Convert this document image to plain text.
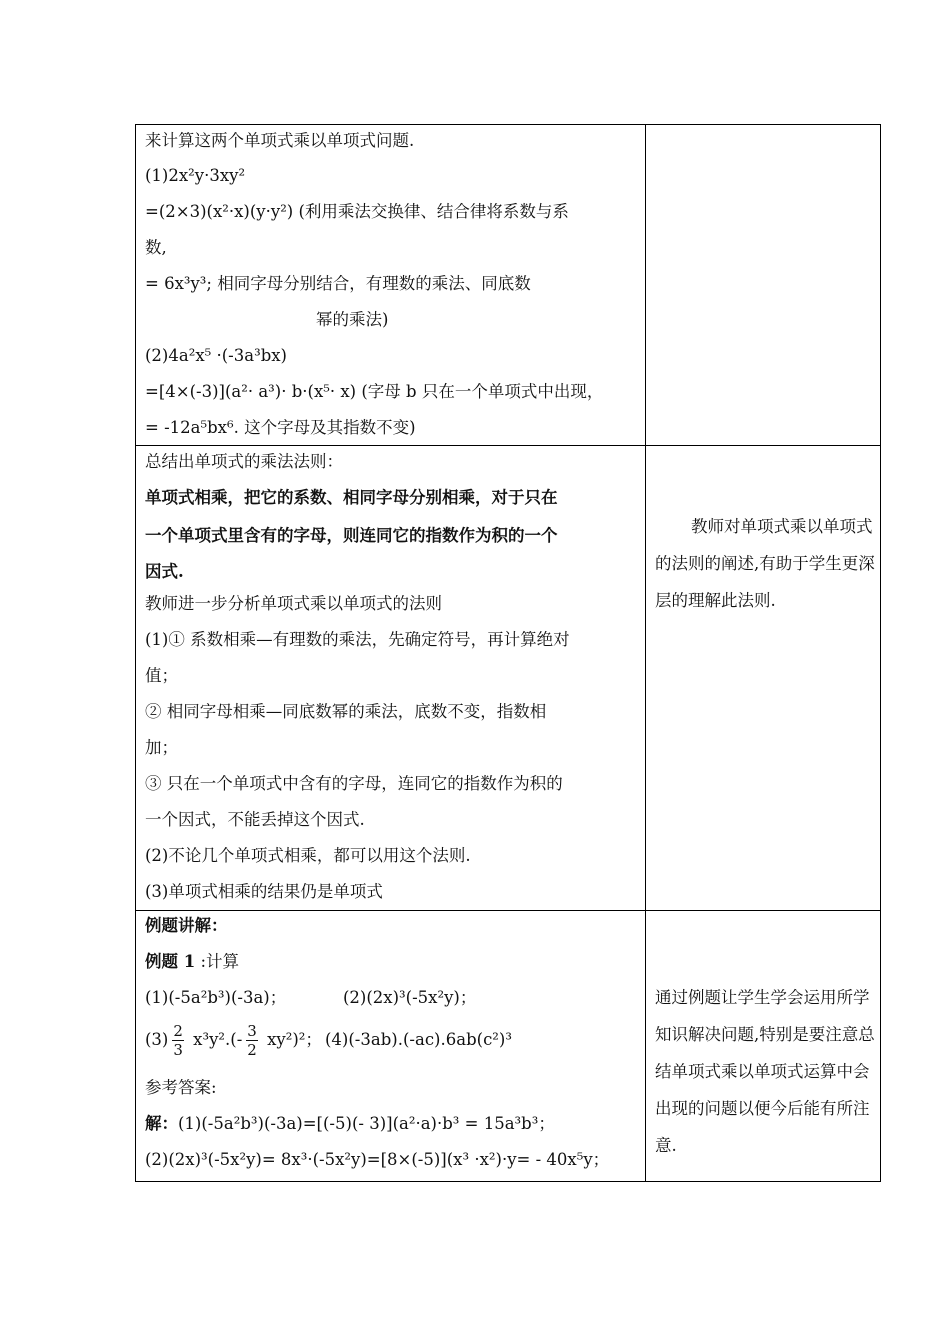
来计算这两个单项式乘以单项式问题.
(1)2x²y·3xy²
=(2×3)(x²·x)(y·y²) (利用乘法交换律、结合律将系数与系
数,
= 6x³y³; 相同字母分别结合，有理数的乘法、同底数
幂的乘法)
(2)4a²x⁵ ·(-3a³bx)
=[4×(-3)](a²· a³)· b·(x⁵· x) (字母 b 只在一个单项式中出现，
= -12a⁵bx⁶. 这个字母及其指数不变)
总结出单项式的乘法法则：
单项式相乘，把它的系数、相同字母分别相乘，对于只在
一个单项式里含有的字母，则连同它的指数作为积的一个
因式.
教师进一步分析单项式乘以单项式的法则
(1)① 系数相乘—有理数的乘法，先确定符号，再计算绝对
值；
② 相同字母相乘—同底数幂的乘法，底数不变，指数相
加；
③ 只在一个单项式中含有的字母，连同它的指数作为积的
一个因式，不能丢掉这个因式.
(2)不论几个单项式相乘，都可以用这个法则.
(3)单项式相乘的结果仍是单项式
教师对单项式乘以单项式的法则的阐述,有助于学生更深层的理解此法则.
例题讲解：
例题 1 :计算
(1)(-5a²b³)(-3a)；	(2)(2x)³(-5x²y)；
$(3) \frac{2}{3} x^3y^2.(- \frac{3}{2} xy^2)^2$； (4)(-3ab).(-ac).6ab(c²)³
参考答案:
解：(1)(-5a²b³)(-3a)=[(-5)(- 3)](a²·a)·b³ = 15a³b³；
(2)(2x)³(-5x²y)= 8x³·(-5x²y)=[8×(-5)](x³ ·x²)·y= - 40x⁵y；
通过例题让学生学会运用所学知识解决问题,特别是要注意总结单项式乘以单项式运算中会出现的问题以便今后能有所注意.
